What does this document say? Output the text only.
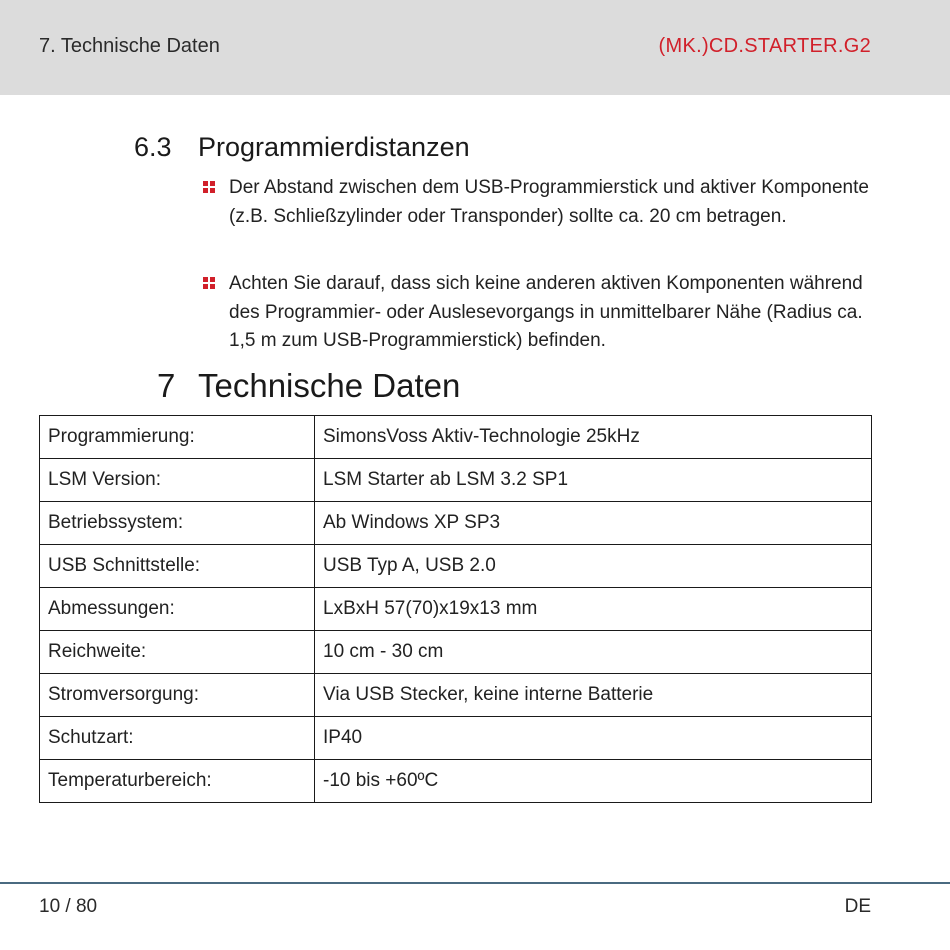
7. Technische Daten	(MK.)CD.STARTER.G2
6.3 Programmierdistanzen
Der Abstand zwischen dem USB-Programmierstick und aktiver Komponente (z.B. Schließzylinder oder Transponder) sollte ca. 20 cm betragen.
Achten Sie darauf, dass sich keine anderen aktiven Komponenten während des Programmier- oder Auslesevorgangs in unmittelbarer Nähe (Radius ca. 1,5 m zum USB-Programmierstick) befinden.
7 Technische Daten
Programmierung:	SimonsVoss Aktiv-Technologie 25kHz
LSM Version:	LSM Starter ab LSM 3.2 SP1
Betriebssystem:	Ab Windows XP SP3
USB Schnittstelle:	USB Typ A, USB 2.0
Abmessungen:	LxBxH 57(70)x19x13 mm
Reichweite:	10 cm - 30 cm
Stromversorgung:	Via USB Stecker, keine interne Batterie
Schutzart:	IP40
Temperaturbereich:	-10 bis +60ºC
10 / 80	DE
